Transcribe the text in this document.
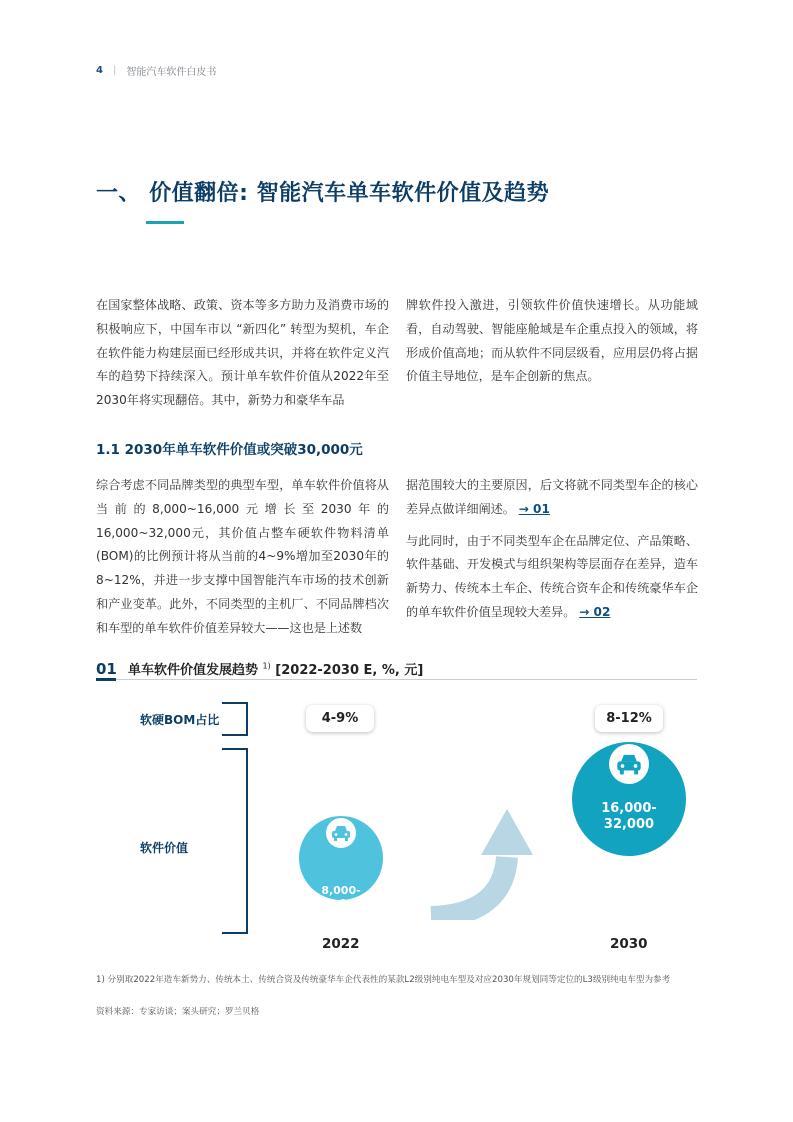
4 | 智能汽车软件白皮书
一、 价值翻倍: 智能汽车单车软件价值及趋势

在国家整体战略、政策、资本等多方助力及消费市场的积极响应下，中国车市以 “新四化” 转型为契机，车企在软件能力构建层面已经形成共识，并将在软件定义汽车的趋势下持续深入。预计单车软件价值从2022年至2030年将实现翻倍。其中，新势力和豪华车品

牌软件投入激进，引领软件价值快速增长。从功能域看，自动驾驶、智能座舱域是车企重点投入的领域，将形成价值高地；而从软件不同层级看，应用层仍将占据价值主导地位，是车企创新的焦点。

1.1 2030年单车软件价值或突破30,000元

综合考虑不同品牌类型的典型车型，单车软件价值将从当前的8,000~16,000元增长至2030年的16,000~32,000元，其价值占整车硬软件物料清单(BOM)的比例预计将从当前的4~9%增加至2030年的8~12%，并进一步支撑中国智能汽车市场的技术创新和产业变革。此外，不同类型的主机厂、不同品牌档次和车型的单车软件价值差异较大——这也是上述数

据范围较大的主要原因，后文将就不同类型车企的核心差异点做详细阐述。 → 01

与此同时，由于不同类型车企在品牌定位、产品策略、软件基础、开发模式与组织架构等层面存在差异，造车新势力、传统本土车企、传统合资车企和传统豪华车企的单车软件价值呈现较大差异。 → 02

01 单车软件价值发展趋势 $^{1)}$ [2022-2030 E, %, 元]
软硬BOM占比
软件价值
4-9%	8-12%
8,000-
16,000
16,000-
32,000
2022	2030
1) 分别取2022年造车新势力、传统本土、传统合资及传统豪华车企代表性的某款L2级别纯电车型及对应2030年规划同等定位的L3级别纯电车型为参考
资料来源：专家访谈；案头研究；罗兰贝格
